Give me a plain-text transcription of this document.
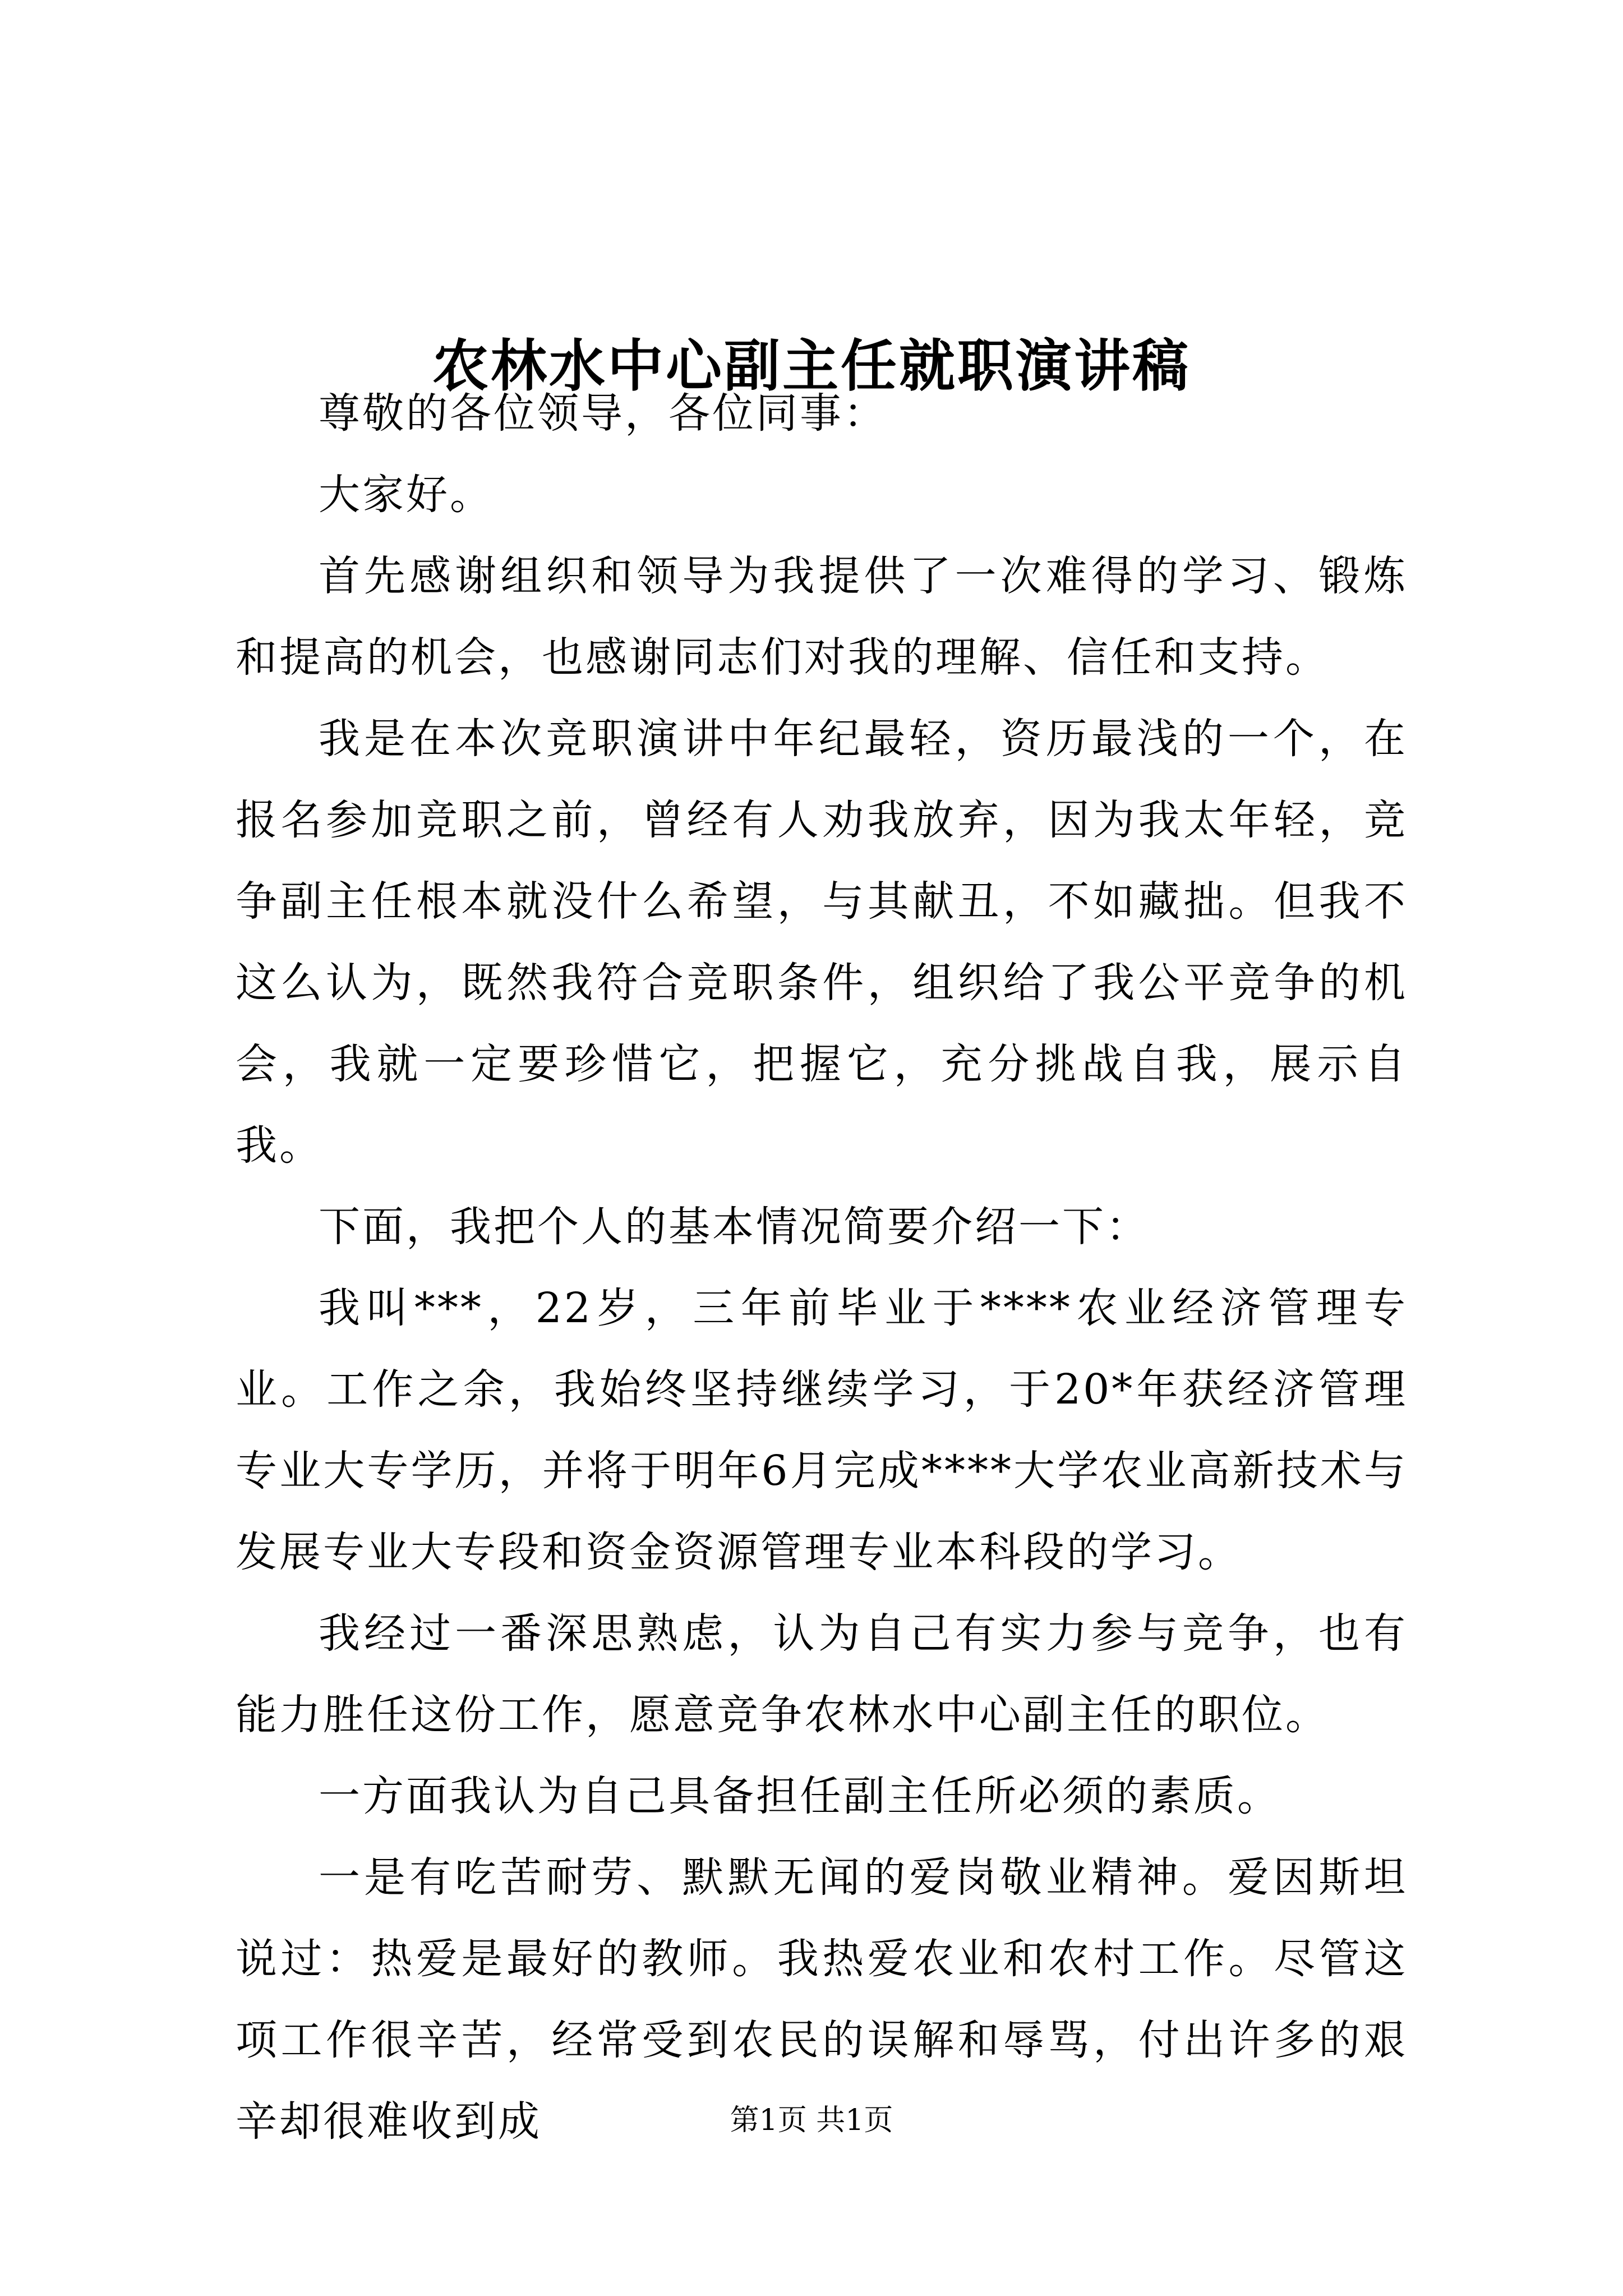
农林水中心副主任就职演讲稿

尊敬的各位领导，各位同事：

大家好。

首先感谢组织和领导为我提供了一次难得的学习、锻炼和提高的机会，也感谢同志们对我的理解、信任和支持。

我是在本次竞职演讲中年纪最轻，资历最浅的一个，在报名参加竞职之前，曾经有人劝我放弃，因为我太年轻，竞争副主任根本就没什么希望，与其献丑，不如藏拙。但我不这么认为，既然我符合竞职条件，组织给了我公平竞争的机会，我就一定要珍惜它，把握它，充分挑战自我，展示自我。

下面，我把个人的基本情况简要介绍一下：

我叫***，22岁，三年前毕业于****农业经济管理专业。工作之余，我始终坚持继续学习，于20*年获经济管理专业大专学历，并将于明年6月完成****大学农业高新技术与发展专业大专段和资金资源管理专业本科段的学习。

我经过一番深思熟虑，认为自己有实力参与竞争，也有能力胜任这份工作，愿意竞争农林水中心副主任的职位。

一方面我认为自己具备担任副主任所必须的素质。

一是有吃苦耐劳、默默无闻的爱岗敬业精神。爱因斯坦说过：热爱是最好的教师。我热爱农业和农村工作。尽管这项工作很辛苦，经常受到农民的误解和辱骂，付出许多的艰辛却很难收到成	第1页 共1页
